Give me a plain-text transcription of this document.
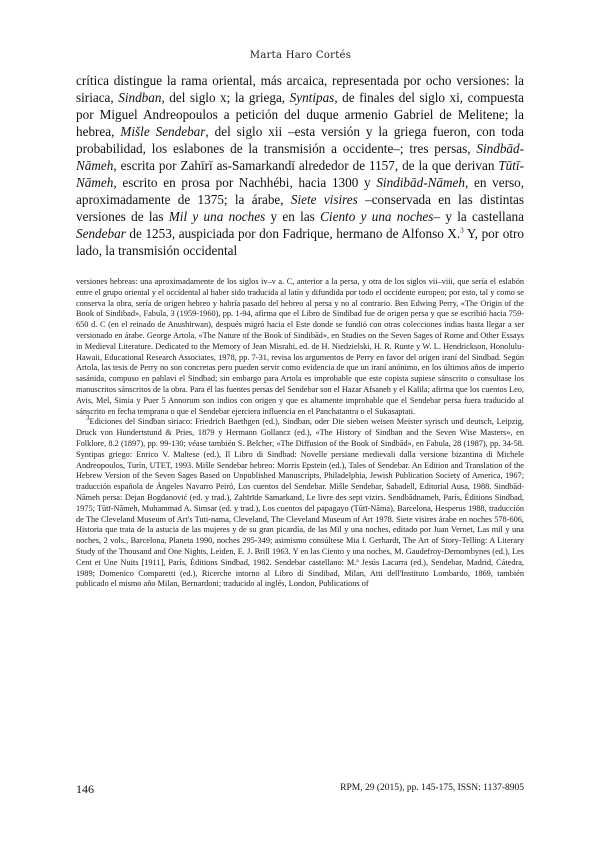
Marta Haro Cortés

crítica distingue la rama oriental, más arcaica, representada por ocho versiones: la siriaca, Sindban, del siglo x; la griega, Syntipas, de finales del siglo xi, compuesta por Miguel Andreopoulos a petición del duque armenio Gabriel de Melitene; la hebrea, Mišle Sendebar, del siglo xii –esta versión y la griega fueron, con toda probabilidad, los eslabones de la transmisión a occidente–; tres persas, Sindbād-Nāmeh, escrita por Zahīrī as-Samarkandī alrededor de 1157, de la que derivan Tūtī-Nāmeh, escrito en prosa por Nachhébi, hacia 1300 y Sindibād-Nāmeh, en verso, aproximadamente de 1375; la árabe, Siete visires –conservada en las distintas versiones de las Mil y una noches y en las Ciento y una noches– y la castellana Sendebar de 1253, auspiciada por don Fadrique, hermano de Alfonso X.$^3$ Y, por otro lado, la transmisión occidental

versiones hebreas: una aproximadamente de los siglos iv–v a. C, anterior a la persa, y otra de los siglos vii–viii, que sería el eslabón entre el grupo oriental y el occidental al haber sido traducida al latín y difundida por todo el occidente europeo; por esto, tal y como se conserva la obra, sería de origen hebreo y habría pasado del hebreo al persa y no al contrario. Ben Edwing Perry, «The Origin of the Book of Sindibad», Fabula, 3 (1959-1960), pp. 1-94, afirma que el Libro de Sindibad fue de origen persa y que se escribió hacia 759-650 d. C (en el reinado de Anushirwan), después migró hacia el Este donde se fundió con otras colecciones indias hasta llegar a ser versionado en árabe. George Artola, «The Nature of the Book of Sindibād», en Studies on the Seven Sages of Rome and Other Essays in Medieval Literature. Dedicated to the Memory of Jean Misrahi, ed. de H. Niedzielski, H. R. Runte y W. L. Hendrickson, Honolulu-Hawaii, Educational Research Associates, 1978, pp. 7-31, revisa los argumentos de Perry en favor del origen iraní del Sindbad. Según Artola, las tesis de Perry no son concretas pero pueden servir como evidencia de que un iraní anónimo, en los últimos años de imperio sasánida, compuso en pahlavi el Sindbad; sin embargo para Artola es improbable que este copista supiese sánscrito o consultase los manuscritos sánscritos de la obra. Para él las fuentes persas del Sendebar son el Hazar Afsaneh y el Kalila; afirma que los cuentos Leo, Avis, Mel, Simia y Puer 5 Annorum son indios con origen y que es altamente improbable que el Sendebar persa fuera traducido al sánscrito en fecha temprana o que el Sendebar ejerciera influencia en el Panchatantra o el Sukasaptati.

$^3$Ediciones del Sindban siriaco: Friedrich Baethgen (ed.), Sindban, oder Die sieben weisen Meister syrisch und deutsch, Leipzig, Druck von Hundertstund & Pries, 1879 y Hermann Gollancz (ed.), «The History of Sindban and the Seven Wise Masters», en Folklore, 8.2 (1897), pp. 99-130; véase también S. Belcher, «The Diffusion of the Book of Sindbād», en Fabula, 28 (1987), pp. 34-58. Syntipas griego: Enrico V. Maltese (ed.), Il Libro di Sindbad: Novelle persiane medievali dalla versione bizantina di Michele Andreopoulos, Turín, UTET, 1993. Mišle Sendebar hebreo: Morris Epstein (ed.), Tales of Sendebar. An Edition and Translation of the Hebrew Version of the Seven Sages Based on Unpublished Manuscripts, Philadelphia, Jewish Publication Society of America, 1967; traducción española de Ángeles Navarro Peiró, Los cuentos del Sendebar. Mišle Sendebar, Sabadell, Editorial Ausa, 1988. Sindbād-Nāmeh persa: Dejan Bogdanović (ed. y trad.), Zahīrīde Samarkand, Le livre des sept vizirs. Sendbādnameh, París, Éditions Sindbad, 1975; Tūtī-Nāmeh, Muhammad A. Simsar (ed. y trad.), Los cuentos del papagayo (Tūtī-Nāma), Barcelona, Hesperus 1988, traducción de The Cleveland Museum of Art's Tuti-nama, Cleveland, The Cleveland Museum of Art 1978. Siete visires árabe en noches 578-606, Historia que trata de la astucia de las mujeres y de su gran picardía, de las Mil y una noches, editado por Juan Vernet, Las mil y una noches, 2 vols., Barcelona, Planeta 1990, noches 295-349; asimismo consúltese Mia I. Gerhardt, The Art of Story-Telling: A Literary Study of the Thousand and One Nights, Leiden, E. J. Brill 1963. Y en las Ciento y una noches, M. Gaudefroy-Demombynes (ed.), Les Cent et Une Nuits [1911], París, Éditions Sindbad, 1982. Sendebar castellano: M.ª Jesús Lacarra (ed.), Sendebar, Madrid, Cátedra, 1989; Domenico Comparetti (ed.), Ricerche intorno al Libro di Sindibad, Milan, Atti dell'Instituto Lombardo, 1869, también publicado el mismo año Milan, Bernardoni; traducido al inglés, London, Publications of

146	RPM, 29 (2015), pp. 145-175, ISSN: 1137-8905
